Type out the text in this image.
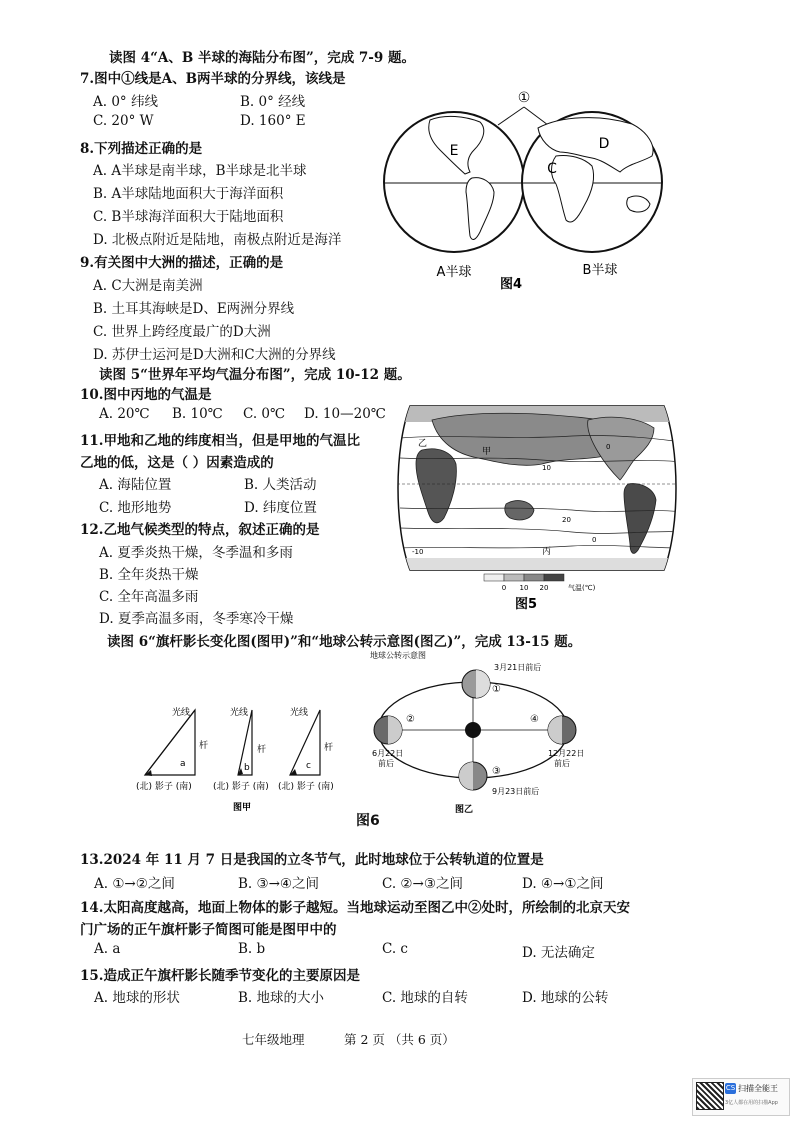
读图 4“A、B 半球的海陆分布图”，完成 7-9 题。
7.图中①线是A、B两半球的分界线，该线是
A. 0° 纬线	B. 0° 经线
C. 20° W	D. 160° E
8.下列描述正确的是
A. A半球是南半球，B半球是北半球
B. A半球陆地面积大于海洋面积
C. B半球海洋面积大于陆地面积
D. 北极点附近是陆地，南极点附近是海洋
9.有关图中大洲的描述，正确的是
A. C大洲是南美洲
B. 土耳其海峡是D、E两洲分界线
C. 世界上跨经度最广的D大洲
D. 苏伊士运河是D大洲和C大洲的分界线
①
E
C
D
A半球	B半球
图4
读图 5“世界年平均气温分布图”，完成 10-12 题。
10.图中丙地的气温是
A. 20℃ B. 10℃ C. 0℃ D. 10—20℃
11.甲地和乙地的纬度相当，但是甲地的气温比
乙地的低，这是（ ）因素造成的
A. 海陆位置	B. 人类活动
C. 地形地势	D. 纬度位置
12.乙地气候类型的特点，叙述正确的是
A. 夏季炎热干燥，冬季温和多雨
B. 全年炎热干燥
C. 全年高温多雨
D. 夏季高温多雨，冬季寒冷干燥
甲
乙
丙
0
10
20
-10
0
0 10 20	气温(℃)
图5
读图 6“旗杆影长变化图(图甲)”和“地球公转示意图(图乙)”，完成 13-15 题。
光线	光线	光线
杆	杆	杆
a	b	c
(北) 影子 (南) (北) 影子 (南) (北) 影子 (南)
图甲
地球公转示意图
3月21日前后
①
②
③
④
6月22日
前后
12月22日
前后
9月23日前后
图乙
图6
13.2024 年 11 月 7 日是我国的立冬节气，此时地球位于公转轨道的位置是
A. ①→②之间	B. ③→④之间	C. ②→③之间	D. ④→①之间
14.太阳高度越高，地面上物体的影子越短。当地球运动至图乙中②处时，所绘制的北京天安
门广场的正午旗杆影子简图可能是图甲中的
A. a	B. b	C. c	D. 无法确定
15.造成正午旗杆影长随季节变化的主要原因是
A. 地球的形状	B. 地球的大小	C. 地球的自转	D. 地球的公转
七年级地理	第 2 页 （共 6 页）
CS 扫描全能王
3亿人都在用的扫描App
